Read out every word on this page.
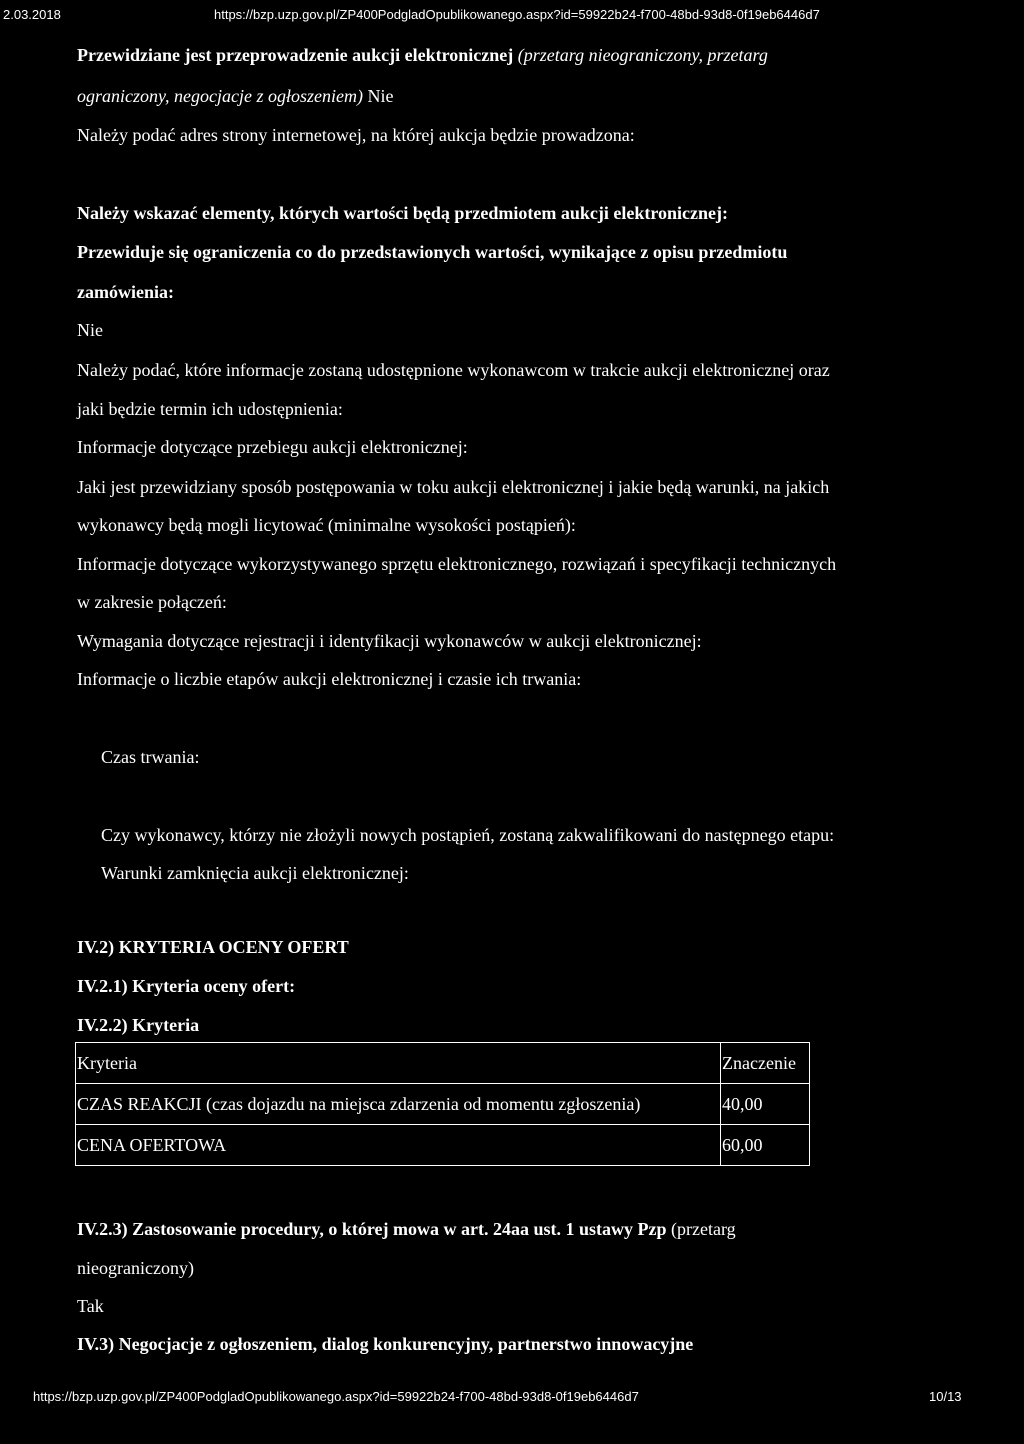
2.03.2018	https://bzp.uzp.gov.pl/ZP400PodgladOpublikowanego.aspx?id=59922b24-f700-48bd-93d8-0f19eb6446d7
Przewidziane jest przeprowadzenie aukcji elektronicznej (przetarg nieograniczony, przetarg
ograniczony, negocjacje z ogłoszeniem) Nie
Należy podać adres strony internetowej, na której aukcja będzie prowadzona:
Należy wskazać elementy, których wartości będą przedmiotem aukcji elektronicznej:
Przewiduje się ograniczenia co do przedstawionych wartości, wynikające z opisu przedmiotu
zamówienia:
Nie
Należy podać, które informacje zostaną udostępnione wykonawcom w trakcie aukcji elektronicznej oraz
jaki będzie termin ich udostępnienia:
Informacje dotyczące przebiegu aukcji elektronicznej:
Jaki jest przewidziany sposób postępowania w toku aukcji elektronicznej i jakie będą warunki, na jakich
wykonawcy będą mogli licytować (minimalne wysokości postąpień):
Informacje dotyczące wykorzystywanego sprzętu elektronicznego, rozwiązań i specyfikacji technicznych
w zakresie połączeń:
Wymagania dotyczące rejestracji i identyfikacji wykonawców w aukcji elektronicznej:
Informacje o liczbie etapów aukcji elektronicznej i czasie ich trwania:
Czas trwania:
Czy wykonawcy, którzy nie złożyli nowych postąpień, zostaną zakwalifikowani do następnego etapu:
Warunki zamknięcia aukcji elektronicznej:
IV.2) KRYTERIA OCENY OFERT
IV.2.1) Kryteria oceny ofert:
IV.2.2) Kryteria
Kryteria	Znaczenie
CZAS REAKCJI (czas dojazdu na miejsca zdarzenia od momentu zgłoszenia)	40,00
CENA OFERTOWA	60,00
IV.2.3) Zastosowanie procedury, o której mowa w art. 24aa ust. 1 ustawy Pzp (przetarg
nieograniczony)
Tak
IV.3) Negocjacje z ogłoszeniem, dialog konkurencyjny, partnerstwo innowacyjne
https://bzp.uzp.gov.pl/ZP400PodgladOpublikowanego.aspx?id=59922b24-f700-48bd-93d8-0f19eb6446d7	10/13
